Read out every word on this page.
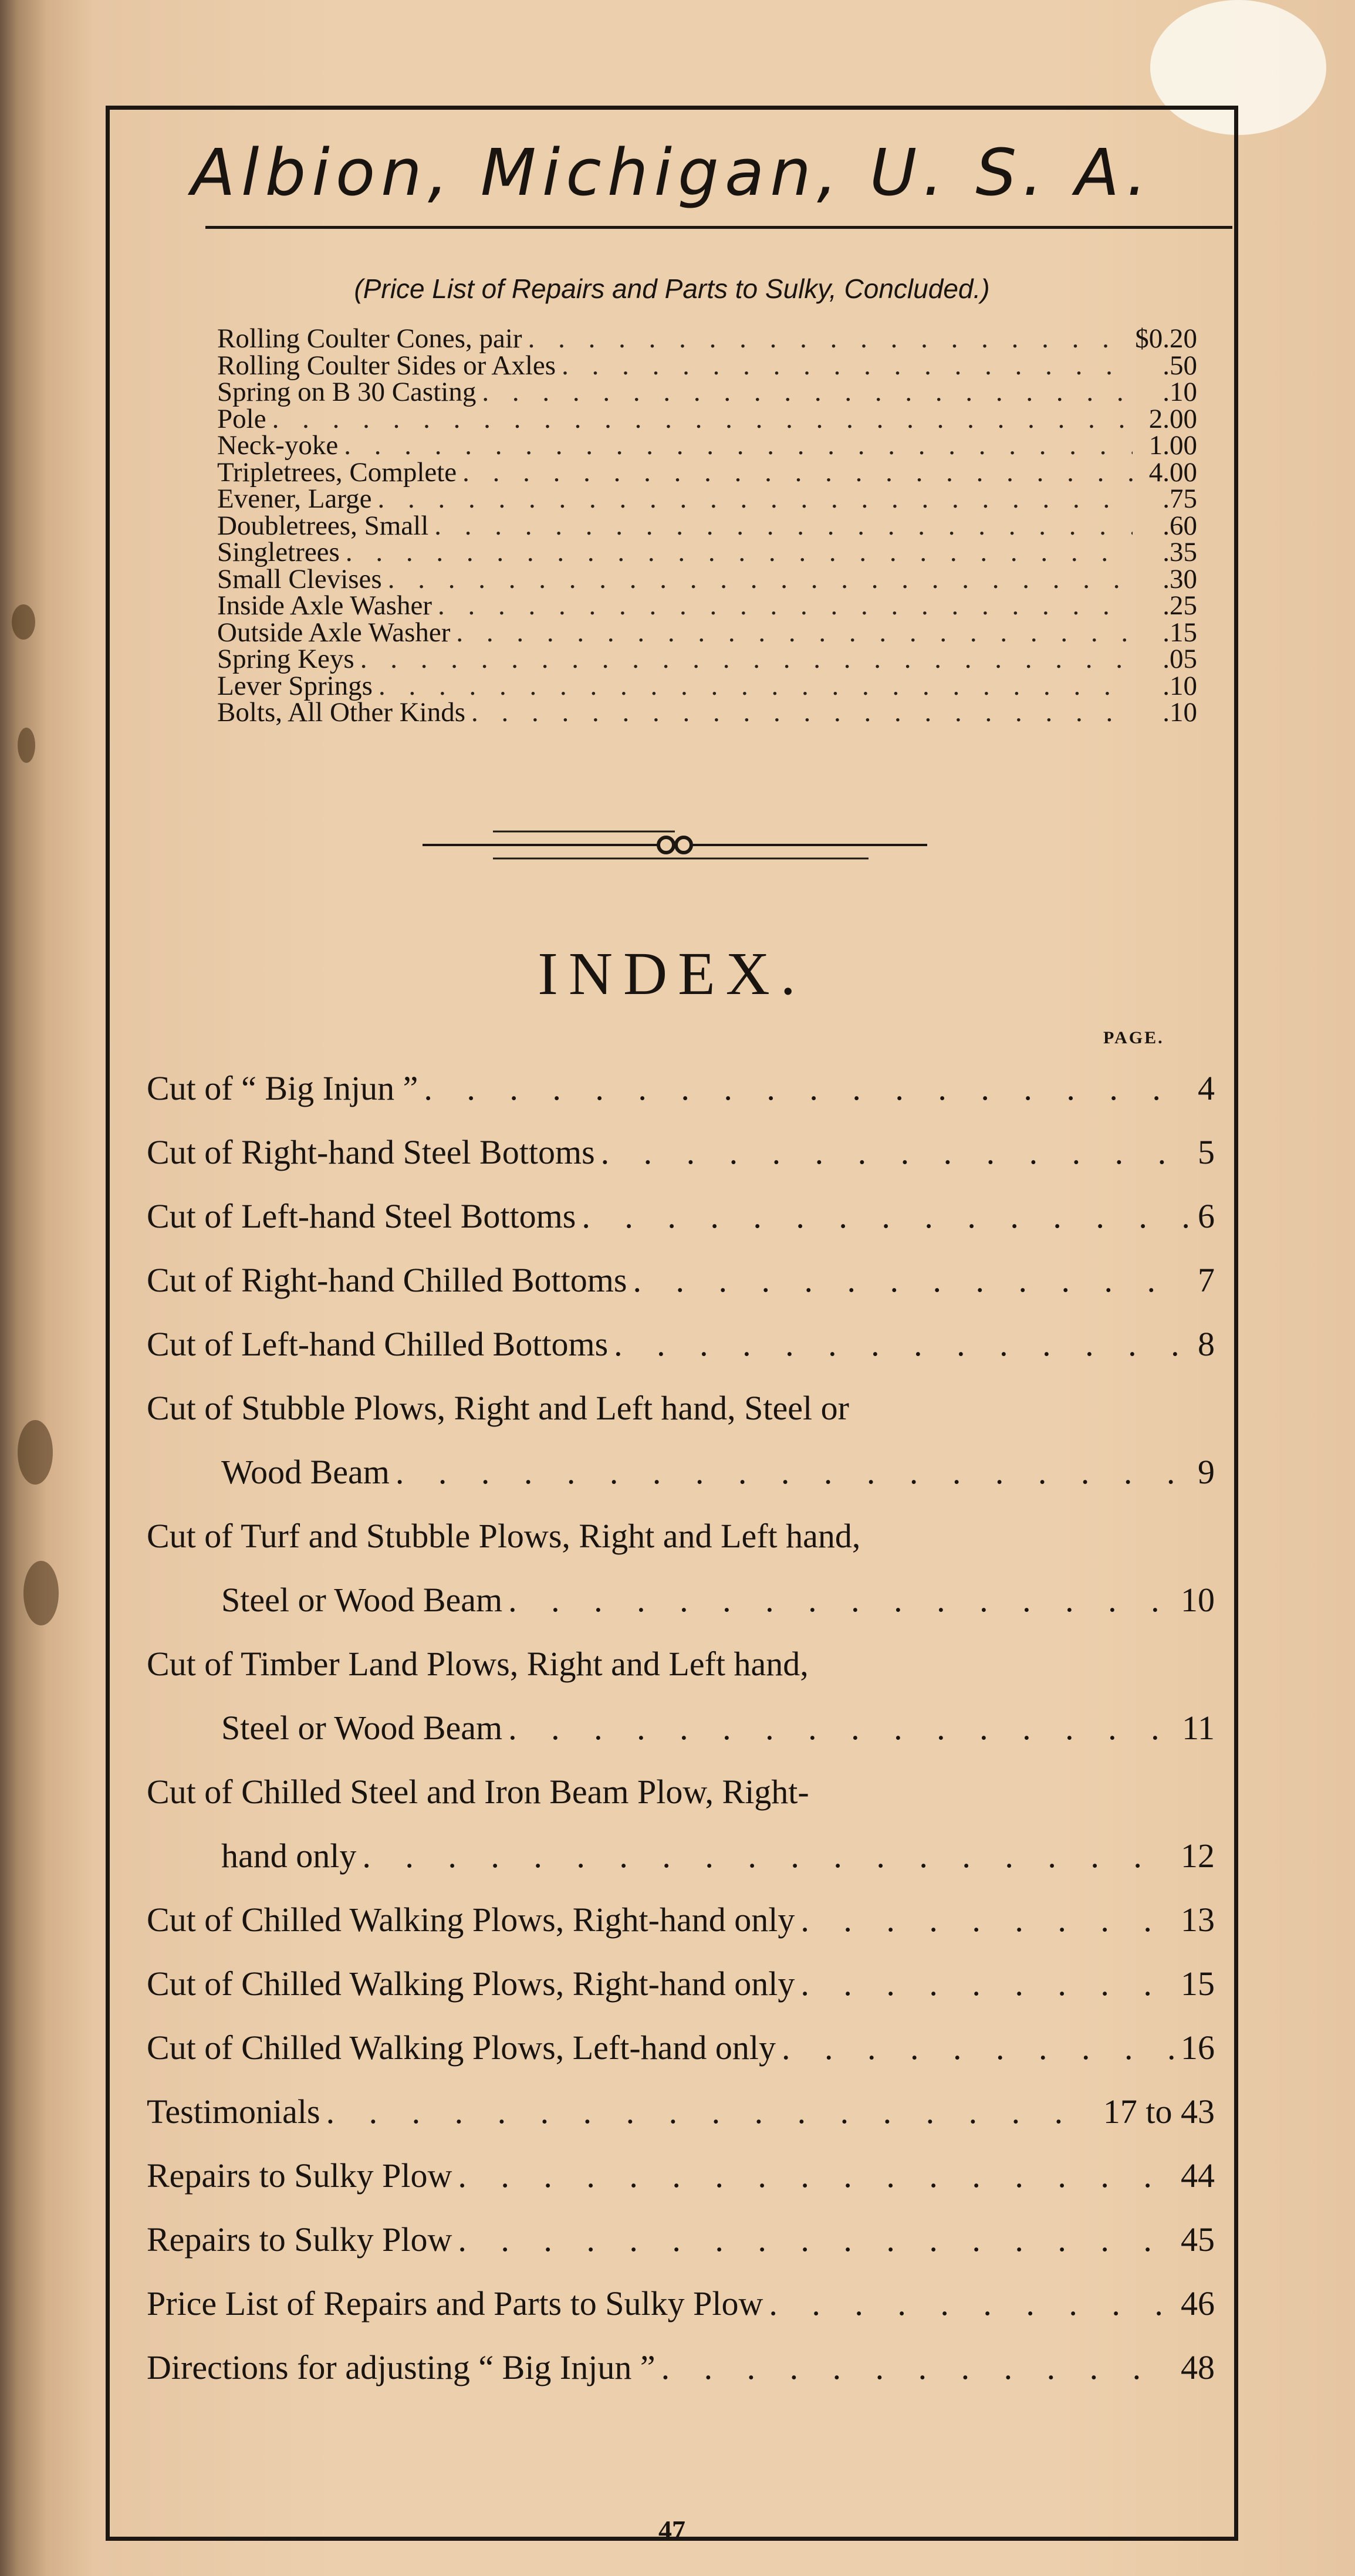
Albion, Michigan, U. S. A.
(Price List of Repairs and Parts to Sulky, Concluded.)
Rolling Coulter Cones, pair . . .	$0.20
Rolling Coulter Sides or Axles . . .	.50
Spring on B 30 Casting . . .	.10
Pole . . .	2.00
Neck-yoke . . .	1.00
Tripletrees, Complete . . .	4.00
Evener, Large . . .	.75
Doubletrees, Small . . .	.60
Singletrees . . .	.35
Small Clevises . . .	.30
Inside Axle Washer . . .	.25
Outside Axle Washer . . .	.15
Spring Keys . . .	.05
Lever Springs . . .	.10
Bolts, All Other Kinds . . .	.10
INDEX.
PAGE.
Cut of “ Big Injun ” . . .	4
Cut of Right-hand Steel Bottoms . . .	5
Cut of Left-hand Steel Bottoms . . .	6
Cut of Right-hand Chilled Bottoms . . .	7
Cut of Left-hand Chilled Bottoms . . .	8
Cut of Stubble Plows, Right and Left hand, Steel or
Wood Beam . . .	9
Cut of Turf and Stubble Plows, Right and Left hand,
Steel or Wood Beam . . .	10
Cut of Timber Land Plows, Right and Left hand,
Steel or Wood Beam . . .	11
Cut of Chilled Steel and Iron Beam Plow, Right-
hand only . . .	12
Cut of Chilled Walking Plows, Right-hand only . . .	13
Cut of Chilled Walking Plows, Right-hand only . . .	15
Cut of Chilled Walking Plows, Left-hand only . . .	16
Testimonials . . .	17 to 43
Repairs to Sulky Plow . . .	44
Repairs to Sulky Plow . . .	45
Price List of Repairs and Parts to Sulky Plow . . .	46
Directions for adjusting “ Big Injun ” . . .	48
47
